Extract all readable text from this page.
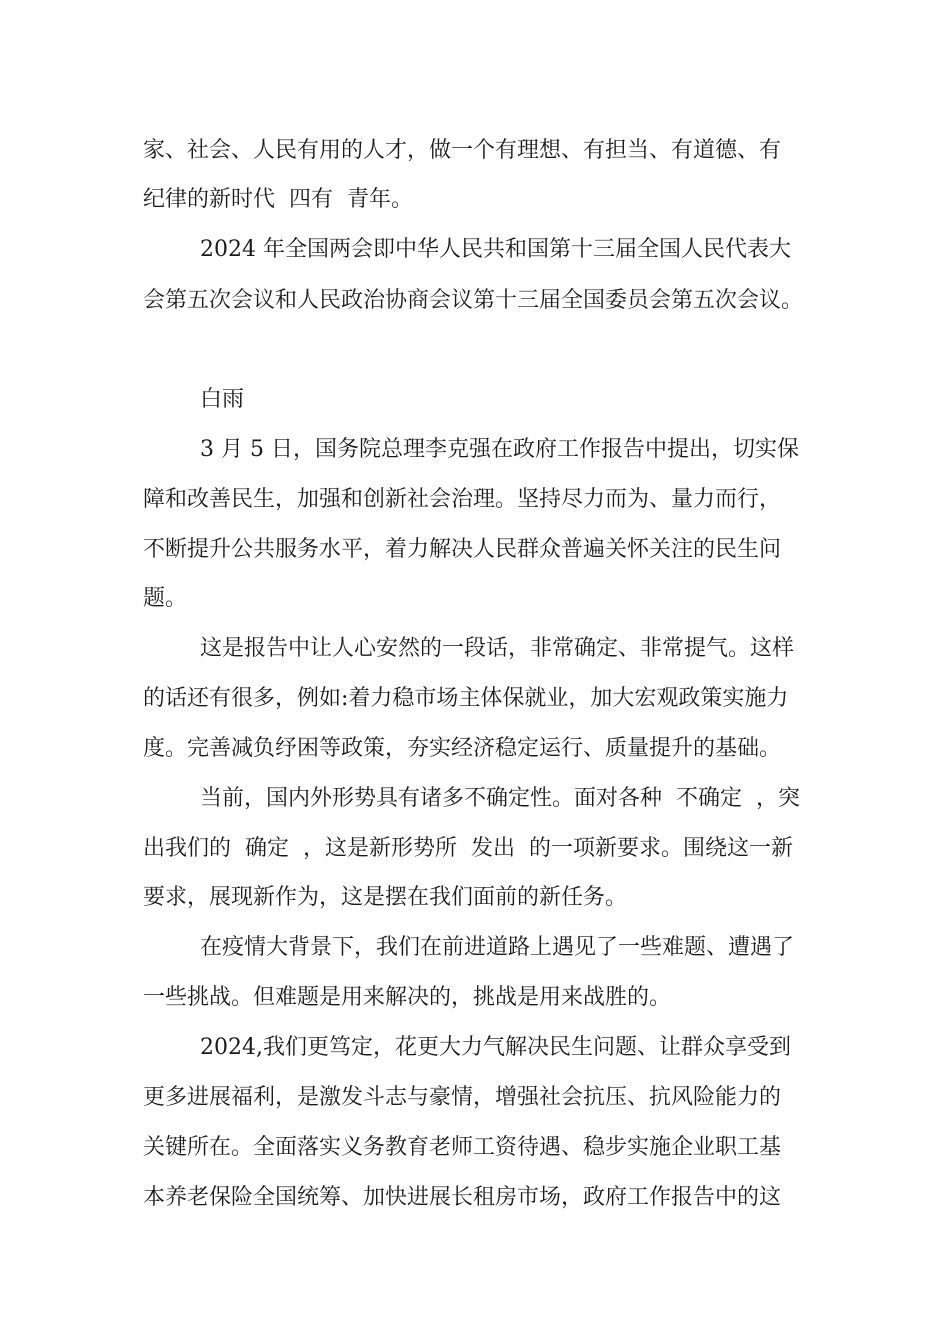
家、社会、人民有用的人才，做一个有理想、有担当、有道德、有
纪律的新时代  四有  青年。
2024 年全国两会即中华人民共和国第十三届全国人民代表大
会第五次会议和人民政治协商会议第十三届全国委员会第五次会议。
白雨
3 月 5 日，国务院总理李克强在政府工作报告中提出，切实保
障和改善民生，加强和创新社会治理。坚持尽力而为、量力而行，
不断提升公共服务水平，着力解决人民群众普遍关怀关注的民生问
题。
这是报告中让人心安然的一段话，非常确定、非常提气。这样
的话还有很多，例如:着力稳市场主体保就业，加大宏观政策实施力
度。完善减负纾困等政策，夯实经济稳定运行、质量提升的基础。
当前，国内外形势具有诸多不确定性。面对各种  不确定  ，突
出我们的  确定  ，这是新形势所  发出  的一项新要求。围绕这一新
要求，展现新作为，这是摆在我们面前的新任务。
在疫情大背景下，我们在前进道路上遇见了一些难题、遭遇了
一些挑战。但难题是用来解决的，挑战是用来战胜的。
2024,我们更笃定，花更大力气解决民生问题、让群众享受到
更多进展福利，是激发斗志与豪情，增强社会抗压、抗风险能力的
关键所在。全面落实义务教育老师工资待遇、稳步实施企业职工基
本养老保险全国统筹、加快进展长租房市场，政府工作报告中的这
